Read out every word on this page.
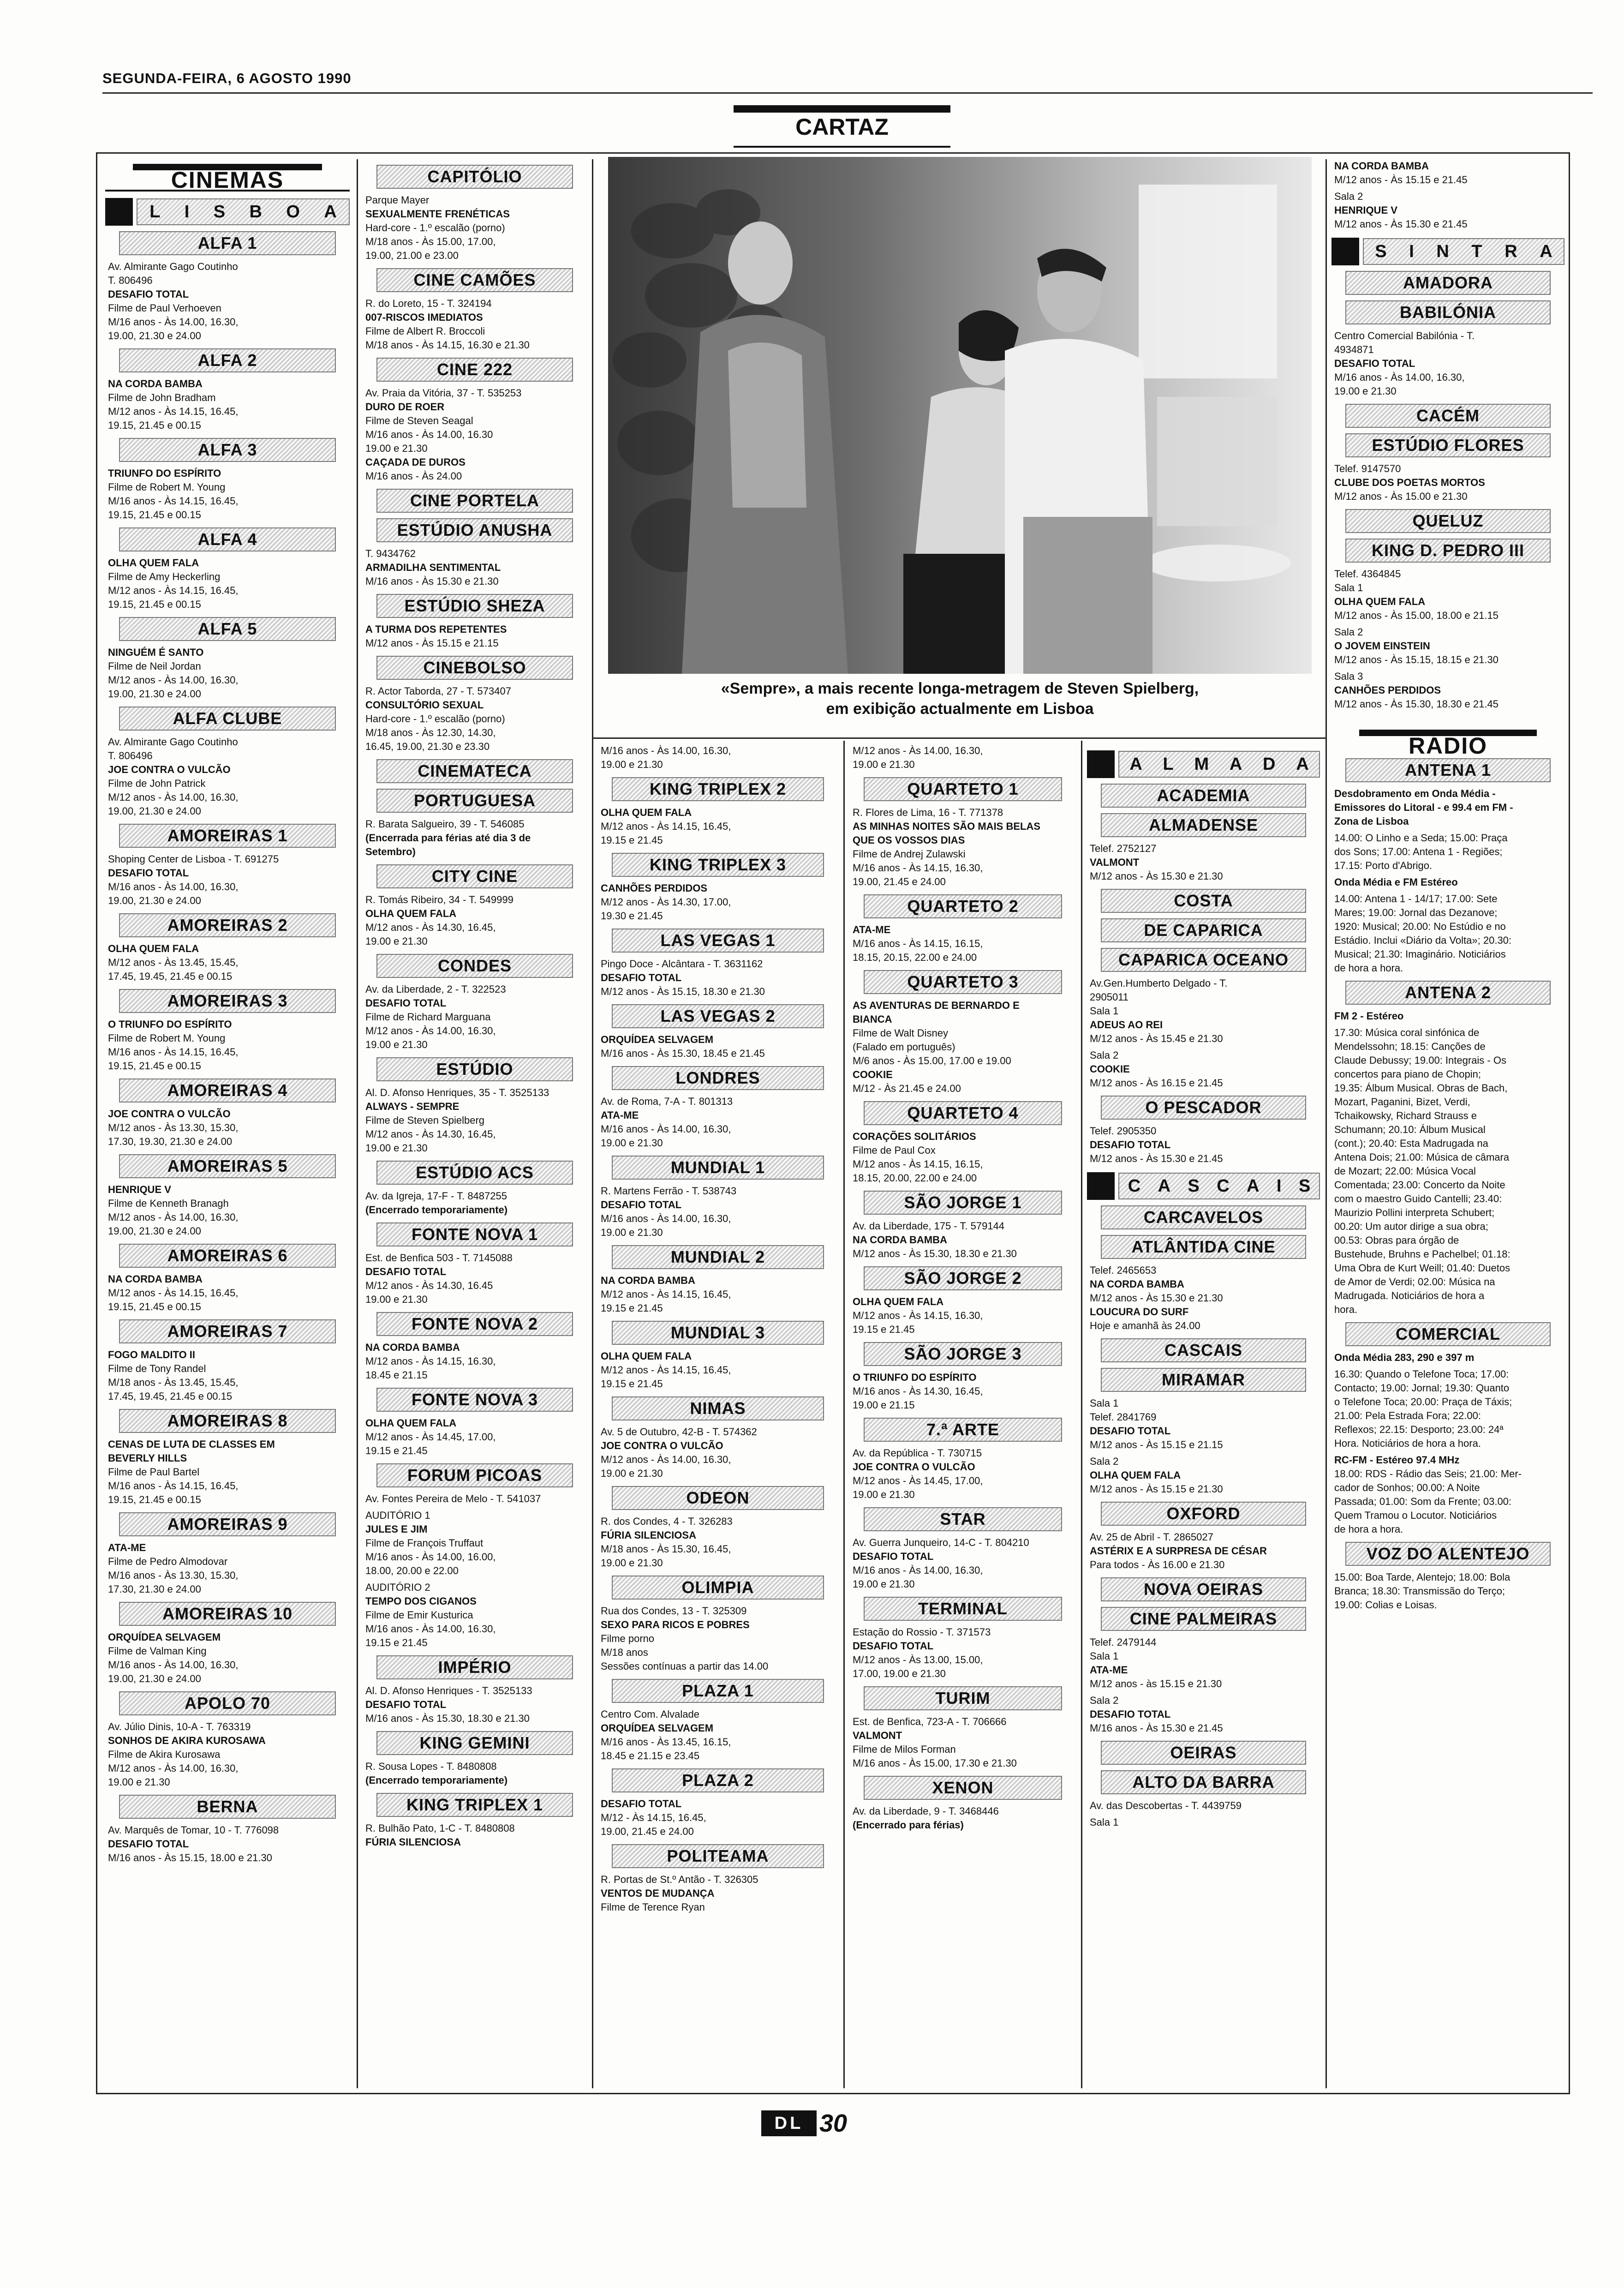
SEGUNDA-FEIRA, 6 AGOSTO 1990
CARTAZ
«Sempre», a mais recente longa-metragem de Steven Spielberg,
em exibição actualmente em Lisboa
CINEMAS
L I S B O A
ALFA 1
Av. Almirante Gago Coutinho
T. 806496
DESAFIO TOTAL
Filme de Paul Verhoeven
M/16 anos - Às 14.00, 16.30,
19.00, 21.30 e 24.00
ALFA 2
NA CORDA BAMBA
Filme de John Bradham
M/12 anos - Às 14.15, 16.45,
19.15, 21.45 e 00.15
ALFA 3
TRIUNFO DO ESPÍRITO
Filme de Robert M. Young
M/16 anos - Às 14.15, 16.45,
19.15, 21.45 e 00.15
ALFA 4
OLHA QUEM FALA
Filme de Amy Heckerling
M/12 anos - Às 14.15, 16.45,
19.15, 21.45 e 00.15
ALFA 5
NINGUÉM É SANTO
Filme de Neil Jordan
M/12 anos - Às 14.00, 16.30,
19.00, 21.30 e 24.00
ALFA CLUBE
Av. Almirante Gago Coutinho
T. 806496
JOE CONTRA O VULCÃO
Filme de John Patrick
M/12 anos - Às 14.00, 16.30,
19.00, 21.30 e 24.00
AMOREIRAS 1
Shoping Center de Lisboa - T. 691275
DESAFIO TOTAL
M/16 anos - Às 14.00, 16.30,
19.00, 21.30 e 24.00
AMOREIRAS 2
OLHA QUEM FALA
M/12 anos - Às 13.45, 15.45,
17.45, 19.45, 21.45 e 00.15
AMOREIRAS 3
O TRIUNFO DO ESPÍRITO
Filme de Robert M. Young
M/16 anos - Às 14.15, 16.45,
19.15, 21.45 e 00.15
AMOREIRAS 4
JOE CONTRA O VULCÃO
M/12 anos - Às 13.30, 15.30,
17.30, 19.30, 21.30 e 24.00
AMOREIRAS 5
HENRIQUE V
Filme de Kenneth Branagh
M/12 anos - Às 14.00, 16.30,
19.00, 21.30 e 24.00
AMOREIRAS 6
NA CORDA BAMBA
M/12 anos - Às 14.15, 16.45,
19.15, 21.45 e 00.15
AMOREIRAS 7
FOGO MALDITO II
Filme de Tony Randel
M/18 anos - Às 13.45, 15.45,
17.45, 19.45, 21.45 e 00.15
AMOREIRAS 8
CENAS DE LUTA DE CLASSES EM
BEVERLY HILLS
Filme de Paul Bartel
M/16 anos - Às 14.15, 16.45,
19.15, 21.45 e 00.15
AMOREIRAS 9
ATA-ME
Filme de Pedro Almodovar
M/16 anos - Às 13.30, 15.30,
17.30, 21.30 e 24.00
AMOREIRAS 10
ORQUÍDEA SELVAGEM
Filme de Valman King
M/16 anos - Às 14.00, 16.30,
19.00, 21.30 e 24.00
APOLO 70
Av. Júlio Dinis, 10-A - T. 763319
SONHOS DE AKIRA KUROSAWA
Filme de Akira Kurosawa
M/12 anos - Às 14.00, 16.30,
19.00 e 21.30
BERNA
Av. Marquês de Tomar, 10 - T. 776098
DESAFIO TOTAL
M/16 anos - Às 15.15, 18.00 e 21.30
CAPITÓLIO
Parque Mayer
SEXUALMENTE FRENÉTICAS
Hard-core - 1.º escalão (porno)
M/18 anos - Às 15.00, 17.00,
19.00, 21.00 e 23.00
CINE CAMÕES
R. do Loreto, 15 - T. 324194
007-RISCOS IMEDIATOS
Filme de Albert R. Broccoli
M/18 anos - Às 14.15, 16.30 e 21.30
CINE 222
Av. Praia da Vitória, 37 - T. 535253
DURO DE ROER
Filme de Steven Seagal
M/16 anos - Às 14.00, 16.30
19.00 e 21.30
CAÇADA DE DUROS
M/16 anos - Às 24.00
CINE PORTELA
ESTÚDIO ANUSHA
T. 9434762
ARMADILHA SENTIMENTAL
M/16 anos - Às 15.30 e 21.30
ESTÚDIO SHEZA
A TURMA DOS REPETENTES
M/12 anos - Às 15.15 e 21.15
CINEBOLSO
R. Actor Taborda, 27 - T. 573407
CONSULTÓRIO SEXUAL
Hard-core - 1.º escalão (porno)
M/18 anos - Às 12.30, 14.30,
16.45, 19.00, 21.30 e 23.30
CINEMATECA
PORTUGUESA
R. Barata Salgueiro, 39 - T. 546085
(Encerrada para férias até dia 3 de
Setembro)
CITY CINE
R. Tomás Ribeiro, 34 - T. 549999
OLHA QUEM FALA
M/12 anos - Às 14.30, 16.45,
19.00 e 21.30
CONDES
Av. da Liberdade, 2 - T. 322523
DESAFIO TOTAL
Filme de Richard Marguana
M/12 anos - Às 14.00, 16.30,
19.00 e 21.30
ESTÚDIO
Al. D. Afonso Henriques, 35 - T. 3525133
ALWAYS - SEMPRE
Filme de Steven Spielberg
M/12 anos - Às 14.30, 16.45,
19.00 e 21.30
ESTÚDIO ACS
Av. da Igreja, 17-F - T. 8487255
(Encerrado temporariamente)
FONTE NOVA 1
Est. de Benfica 503 - T. 7145088
DESAFIO TOTAL
M/12 anos - Às 14.30, 16.45
19.00 e 21.30
FONTE NOVA 2
NA CORDA BAMBA
M/12 anos - Às 14.15, 16.30,
18.45 e 21.15
FONTE NOVA 3
OLHA QUEM FALA
M/12 anos - Às 14.45, 17.00,
19.15 e 21.45
FORUM PICOAS
Av. Fontes Pereira de Melo - T. 541037
AUDITÓRIO 1
JULES E JIM
Filme de François Truffaut
M/16 anos - Às 14.00, 16.00,
18.00, 20.00 e 22.00
AUDITÓRIO 2
TEMPO DOS CIGANOS
Filme de Emir Kusturica
M/16 anos - Às 14.00, 16.30,
19.15 e 21.45
IMPÉRIO
Al. D. Afonso Henriques - T. 3525133
DESAFIO TOTAL
M/16 anos - Às 15.30, 18.30 e 21.30
KING GEMINI
R. Sousa Lopes - T. 8480808
(Encerrado temporariamente)
KING TRIPLEX 1
R. Bulhão Pato, 1-C - T. 8480808
FÚRIA SILENCIOSA
M/16 anos - Às 14.00, 16.30,
19.00 e 21.30
KING TRIPLEX 2
OLHA QUEM FALA
M/12 anos - Às 14.15, 16.45,
19.15 e 21.45
KING TRIPLEX 3
CANHÕES PERDIDOS
M/12 anos - Às 14.30, 17.00,
19.30 e 21.45
LAS VEGAS 1
Pingo Doce - Alcântara - T. 3631162
DESAFIO TOTAL
M/12 anos - Às 15.15, 18.30 e 21.30
LAS VEGAS 2
ORQUÍDEA SELVAGEM
M/16 anos - Às 15.30, 18.45 e 21.45
LONDRES
Av. de Roma, 7-A - T. 801313
ATA-ME
M/16 anos - Às 14.00, 16.30,
19.00 e 21.30
MUNDIAL 1
R. Martens Ferrão - T. 538743
DESAFIO TOTAL
M/16 anos - Às 14.00, 16.30,
19.00 e 21.30
MUNDIAL 2
NA CORDA BAMBA
M/12 anos - Às 14.15, 16.45,
19.15 e 21.45
MUNDIAL 3
OLHA QUEM FALA
M/12 anos - Às 14.15, 16.45,
19.15 e 21.45
NIMAS
Av. 5 de Outubro, 42-B - T. 574362
JOE CONTRA O VULCÃO
M/12 anos - Às 14.00, 16.30,
19.00 e 21.30
ODEON
R. dos Condes, 4 - T. 326283
FÚRIA SILENCIOSA
M/18 anos - Às 15.30, 16.45,
19.00 e 21.30
OLIMPIA
Rua dos Condes, 13 - T. 325309
SEXO PARA RICOS E POBRES
Filme porno
M/18 anos
Sessões contínuas a partir das 14.00
PLAZA 1
Centro Com. Alvalade
ORQUÍDEA SELVAGEM
M/16 anos - Às 13.45, 16.15,
18.45 e 21.15 e 23.45
PLAZA 2
DESAFIO TOTAL
M/12 - Às 14.15, 16.45,
19.00, 21.45 e 24.00
POLITEAMA
R. Portas de St.º Antão - T. 326305
VENTOS DE MUDANÇA
Filme de Terence Ryan
M/12 anos - Às 14.00, 16.30,
19.00 e 21.30
QUARTETO 1
R. Flores de Lima, 16 - T. 771378
AS MINHAS NOITES SÃO MAIS BELAS
QUE OS VOSSOS DIAS
Filme de Andrej Zulawski
M/16 anos - Às 14.15, 16.30,
19.00, 21.45 e 24.00
QUARTETO 2
ATA-ME
M/16 anos - Às 14.15, 16.15,
18.15, 20.15, 22.00 e 24.00
QUARTETO 3
AS AVENTURAS DE BERNARDO E
BIANCA
Filme de Walt Disney
(Falado em português)
M/6 anos - Às 15.00, 17.00 e 19.00
COOKIE
M/12 - Às 21.45 e 24.00
QUARTETO 4
CORAÇÕES SOLITÁRIOS
Filme de Paul Cox
M/12 anos - Às 14.15, 16.15,
18.15, 20.00, 22.00 e 24.00
SÃO JORGE 1
Av. da Liberdade, 175 - T. 579144
NA CORDA BAMBA
M/12 anos - Às 15.30, 18.30 e 21.30
SÃO JORGE 2
OLHA QUEM FALA
M/12 anos - Às 14.15, 16.30,
19.15 e 21.45
SÃO JORGE 3
O TRIUNFO DO ESPÍRITO
M/16 anos - Às 14.30, 16.45,
19.00 e 21.15
7.ª ARTE
Av. da República - T. 730715
JOE CONTRA O VULCÃO
M/12 anos - Às 14.45, 17.00,
19.00 e 21.30
STAR
Av. Guerra Junqueiro, 14-C - T. 804210
DESAFIO TOTAL
M/16 anos - Às 14.00, 16.30,
19.00 e 21.30
TERMINAL
Estação do Rossio - T. 371573
DESAFIO TOTAL
M/12 anos - Às 13.00, 15.00,
17.00, 19.00 e 21.30
TURIM
Est. de Benfica, 723-A - T. 706666
VALMONT
Filme de Milos Forman
M/16 anos - Às 15.00, 17.30 e 21.30
XENON
Av. da Liberdade, 9 - T. 3468446
(Encerrado para férias)
A L M A D A
ACADEMIA
ALMADENSE
Telef. 2752127
VALMONT
M/12 anos - Às 15.30 e 21.30
COSTA
DE CAPARICA
CAPARICA OCEANO
Av.Gen.Humberto Delgado - T.
2905011
Sala 1
ADEUS AO REI
M/12 anos - Às 15.45 e 21.30
Sala 2
COOKIE
M/12 anos - Às 16.15 e 21.45
O PESCADOR
Telef. 2905350
DESAFIO TOTAL
M/12 anos - Às 15.30 e 21.45
C A S C A I S
CARCAVELOS
ATLÂNTIDA CINE
Telef. 2465653
NA CORDA BAMBA
M/12 anos - Às 15.30 e 21.30
LOUCURA DO SURF
Hoje e amanhã às 24.00
CASCAIS
MIRAMAR
Sala 1
Telef. 2841769
DESAFIO TOTAL
M/12 anos - Às 15.15 e 21.15
Sala 2
OLHA QUEM FALA
M/12 anos - Às 15.15 e 21.30
OXFORD
Av. 25 de Abril - T. 2865027
ASTÉRIX E A SURPRESA DE CÉSAR
Para todos - Às 16.00 e 21.30
NOVA OEIRAS
CINE PALMEIRAS
Telef. 2479144
Sala 1
ATA-ME
M/12 anos - às 15.15 e 21.30
Sala 2
DESAFIO TOTAL
M/16 anos - Às 15.30 e 21.45
OEIRAS
ALTO DA BARRA
Av. das Descobertas - T. 4439759
Sala 1
NA CORDA BAMBA
M/12 anos - Às 15.15 e 21.45
Sala 2
HENRIQUE V
M/12 anos - Às 15.30 e 21.45
S I N T R A
AMADORA
BABILÓNIA
Centro Comercial Babilónia - T.
4934871
DESAFIO TOTAL
M/16 anos - Às 14.00, 16.30,
19.00 e 21.30
CACÉM
ESTÚDIO FLORES
Telef. 9147570
CLUBE DOS POETAS MORTOS
M/12 anos - Às 15.00 e 21.30
QUELUZ
KING D. PEDRO III
Telef. 4364845
Sala 1
OLHA QUEM FALA
M/12 anos - Às 15.00, 18.00 e 21.15
Sala 2
O JOVEM EINSTEIN
M/12 anos - Às 15.15, 18.15 e 21.30
Sala 3
CANHÕES PERDIDOS
M/12 anos - Às 15.30, 18.30 e 21.45
RÁDIO
ANTENA 1
Desdobramento em Onda Média -
Emissores do Litoral - e 99.4 em FM -
Zona de Lisboa
14.00: O Linho e a Seda; 15.00: Praça
dos Sons; 17.00: Antena 1 - Regiões;
17.15: Porto d'Abrigo.
Onda Média e FM Estéreo
14.00: Antena 1 - 14/17; 17.00: Sete
Mares; 19.00: Jornal das Dezanove;
1920: Musical; 20.00: No Estúdio e no
Estádio. Inclui «Diário da Volta»; 20.30:
Musical; 21.30: Imaginário. Noticiários
de hora a hora.
ANTENA 2
FM 2 - Estéreo
17.30: Música coral sinfónica de
Mendelssohn; 18.15: Canções de
Claude Debussy; 19.00: Integrais - Os
concertos para piano de Chopin;
19.35: Álbum Musical. Obras de Bach,
Mozart, Paganini, Bizet, Verdi,
Tchaikowsky, Richard Strauss e
Schumann; 20.10: Álbum Musical
(cont.); 20.40: Esta Madrugada na
Antena Dois; 21.00: Música de câmara
de Mozart; 22.00: Música Vocal
Comentada; 23.00: Concerto da Noite
com o maestro Guido Cantelli; 23.40:
Maurizio Pollini interpreta Schubert;
00.20: Um autor dirige a sua obra;
00.53: Obras para órgão de
Bustehude, Bruhns e Pachelbel; 01.18:
Uma Obra de Kurt Weill; 01.40: Duetos
de Amor de Verdi; 02.00: Música na
Madrugada. Noticiários de hora a
hora.
COMERCIAL
Onda Média 283, 290 e 397 m
16.30: Quando o Telefone Toca; 17.00:
Contacto; 19.00: Jornal; 19.30: Quanto
o Telefone Toca; 20.00: Praça de Táxis;
21.00: Pela Estrada Fora; 22.00:
Reflexos; 22.15: Desporto; 23.00: 24ª
Hora. Noticiários de hora a hora.
RC-FM - Estéreo 97.4 MHz
18.00: RDS - Rádio das Seis; 21.00: Mer-
cador de Sonhos; 00.00: A Noite
Passada; 01.00: Som da Frente; 03.00:
Quem Tramou o Locutor. Noticiários
de hora a hora.
VOZ DO ALENTEJO
15.00: Boa Tarde, Alentejo; 18.00: Bola
Branca; 18.30: Transmissão do Terço;
19.00: Colias e Loisas.
DL 30
